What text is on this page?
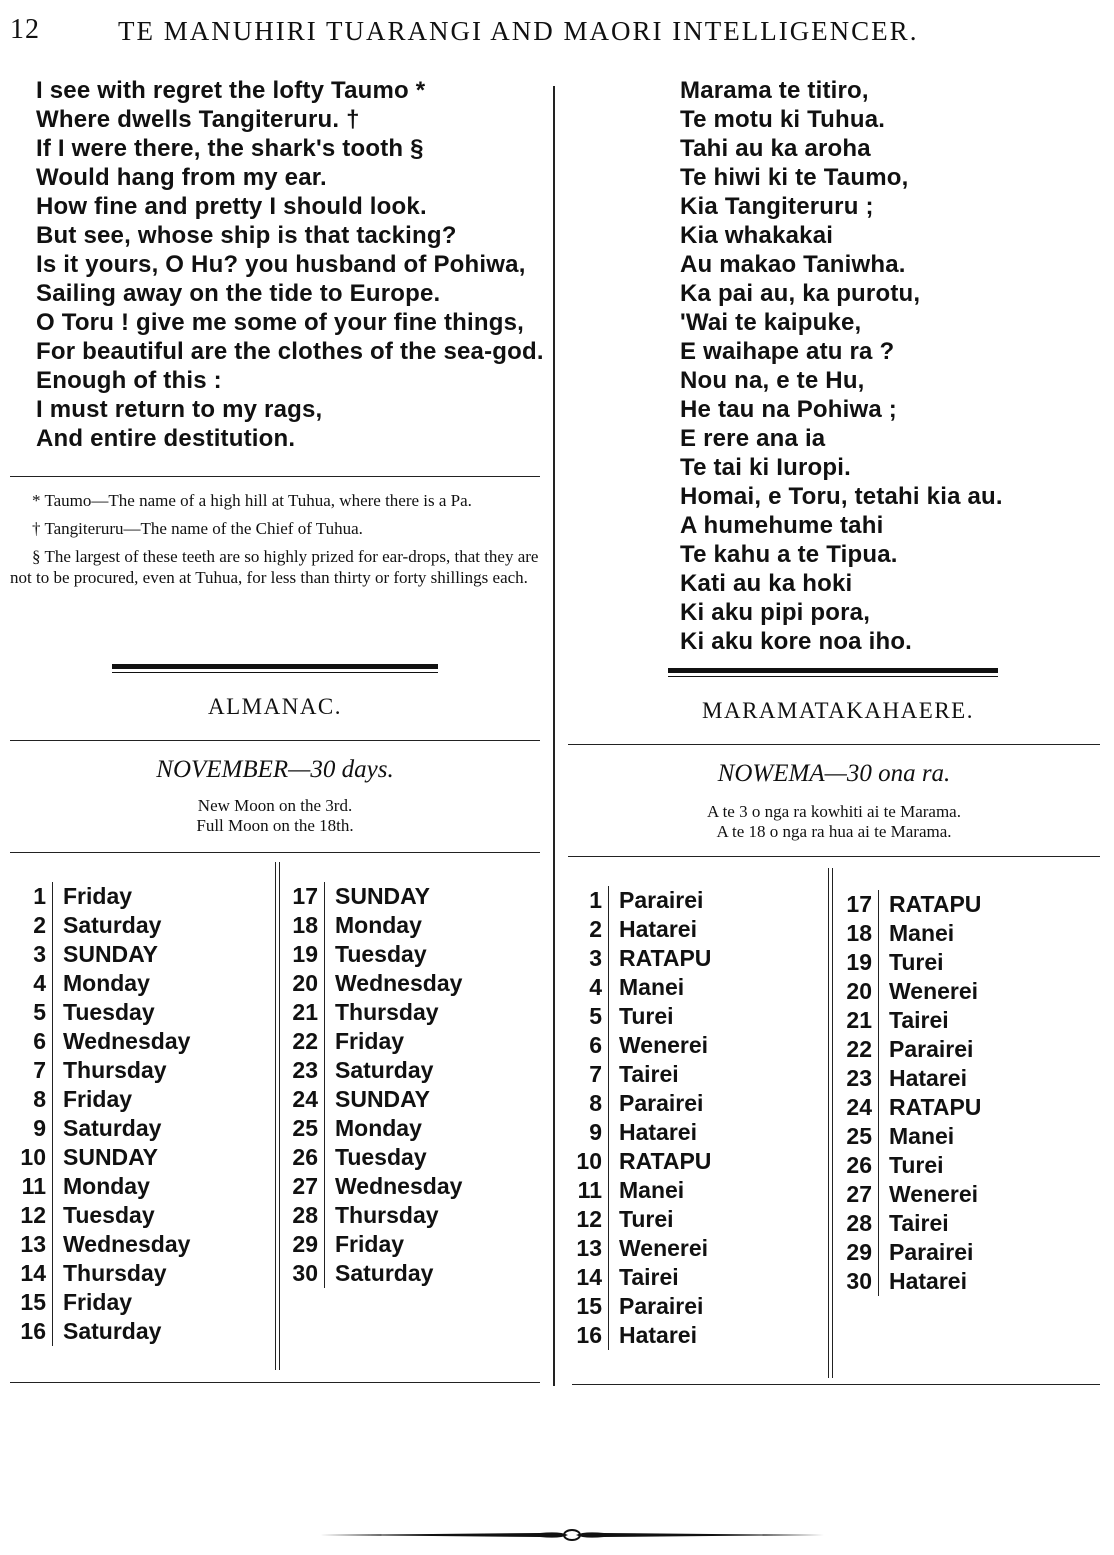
12	TE MANUHIRI TUARANGI AND MAORI INTELLIGENCER.
I see with regret the lofty Taumo *
Where dwells Tangiteruru. †
If I were there, the shark's tooth §
Would hang from my ear.
How fine and pretty I should look.
But see, whose ship is that tacking?
Is it yours, O Hu? you husband of Pohiwa,
Sailing away on the tide to Europe.
O Toru ! give me some of your fine things,
For beautiful are the clothes of the sea-god.
Enough of this :
I must return to my rags,
And entire destitution.
Marama te titiro,
Te motu ki Tuhua.
Tahi au ka aroha
Te hiwi ki te Taumo,
Kia Tangiteruru ;
Kia whakakai
Au makao Taniwha.
Ka pai au, ka purotu,
'Wai te kaipuke,
E waihape atu ra ?
Nou na, e te Hu,
He tau na Pohiwa ;
E rere ana ia
Te tai ki Iuropi.
Homai, e Toru, tetahi kia au.
A humehume tahi
Te kahu a te Tipua.
Kati au ka hoki
Ki aku pipi pora,
Ki aku kore noa iho.

* Taumo—The name of a high hill at Tuhua, where there is a Pa.

† Tangiteruru—The name of the Chief of Tuhua.

§ The largest of these teeth are so highly prized for ear-drops, that they are not to be procured, even at Tuhua, for less than thirty or forty shillings each.

ALMANAC.
NOVEMBER—30 days.
New Moon on the 3rd.
Full Moon on the 18th.
1 Friday
2 Saturday
3 SUNDAY
4 Monday
5 Tuesday
6 Wednesday
7 Thursday
8 Friday
9 Saturday
10 SUNDAY
11 Monday
12 Tuesday
13 Wednesday
14 Thursday
15 Friday
16 Saturday
17 SUNDAY
18 Monday
19 Tuesday
20 Wednesday
21 Thursday
22 Friday
23 Saturday
24 SUNDAY
25 Monday
26 Tuesday
27 Wednesday
28 Thursday
29 Friday
30 Saturday
MARAMATAKAHAERE.
NOWEMA—30 ona ra.
A te 3 o nga ra kowhiti ai te Marama.
A te 18 o nga ra hua ai te Marama.
1 Parairei
2 Hatarei
3 RATAPU
4 Manei
5 Turei
6 Wenerei
7 Tairei
8 Parairei
9 Hatarei
10 RATAPU
11 Manei
12 Turei
13 Wenerei
14 Tairei
15 Parairei
16 Hatarei
17 RATAPU
18 Manei
19 Turei
20 Wenerei
21 Tairei
22 Parairei
23 Hatarei
24 RATAPU
25 Manei
26 Turei
27 Wenerei
28 Tairei
29 Parairei
30 Hatarei
